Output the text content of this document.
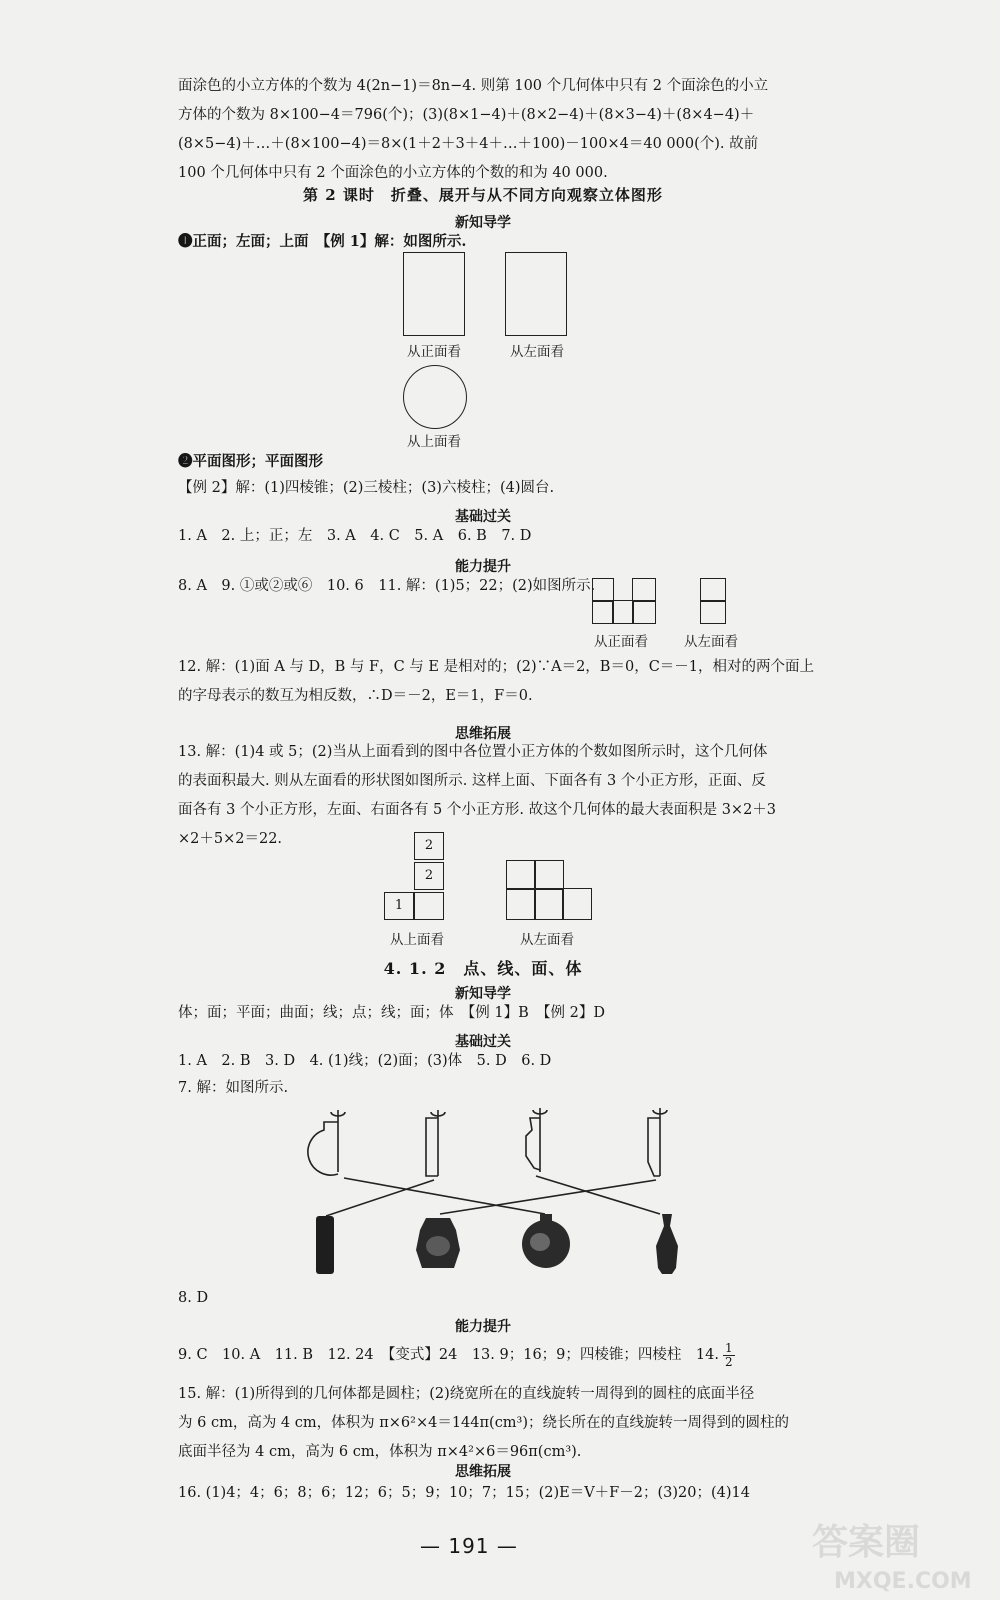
面涂色的小立方体的个数为 4(2n−1)＝8n−4. 则第 100 个几何体中只有 2 个面涂色的小立
方体的个数为 8×100−4＝796(个)；(3)(8×1−4)＋(8×2−4)＋(8×3−4)＋(8×4−4)＋
(8×5−4)＋…＋(8×100−4)＝8×(1＋2＋3＋4＋…＋100)－100×4＝40 000(个). 故前
100 个几何体中只有 2 个面涂色的小立方体的个数的和为 40 000.
第 2 课时　折叠、展开与从不同方向观察立体图形
新知导学
❶正面；左面；上面　【例 1】解：如图所示.
从正面看	从左面看
从上面看
❷平面图形；平面图形
【例 2】解：(1)四棱锥；(2)三棱柱；(3)六棱柱；(4)圆台.
基础过关
1. A　2. 上；正；左　3. A　4. C　5. A　6. B　7. D
能力提升
8. A　9. ①或②或⑥　10. 6　11. 解：(1)5；22；(2)如图所示.
从正面看	从左面看
12. 解：(1)面 A 与 D，B 与 F，C 与 E 是相对的；(2)∵A＝2，B＝0，C＝－1，相对的两个面上
的字母表示的数互为相反数，∴D＝－2，E＝1，F＝0.
思维拓展
13. 解：(1)4 或 5；(2)当从上面看到的图中各位置小正方体的个数如图所示时，这个几何体
的表面积最大. 则从左面看的形状图如图所示. 这样上面、下面各有 3 个小正方形，正面、反
面各有 3 个小正方形，左面、右面各有 5 个小正方形. 故这个几何体的最大表面积是 3×2＋3
×2＋5×2＝22.	2
2
1
从上面看	从左面看
4. 1. 2　点、线、面、体
新知导学
体；面；平面；曲面；线；点；线；面；体　【例 1】B　【例 2】D
基础过关
1. A　2. B　3. D　4. (1)线；(2)面；(3)体　5. D　6. D
7. 解：如图所示.
8. D
能力提升
9. C　10. A　11. B　12. 24　【变式】24　13. 9；16；9；四棱锥；四棱柱　14. $\frac{1}{2}$
15. 解：(1)所得到的几何体都是圆柱；(2)绕宽所在的直线旋转一周得到的圆柱的底面半径
为 6 cm，高为 4 cm，体积为 π×6²×4＝144π(cm³)；绕长所在的直线旋转一周得到的圆柱的
底面半径为 4 cm，高为 6 cm，体积为 π×4²×6＝96π(cm³).
思维拓展
16. (1)4；4；6；8；6；12；6；5；9；10；7；15；(2)E＝V＋F－2；(3)20；(4)14
— 191 —	答案圈
MXQE.COM
